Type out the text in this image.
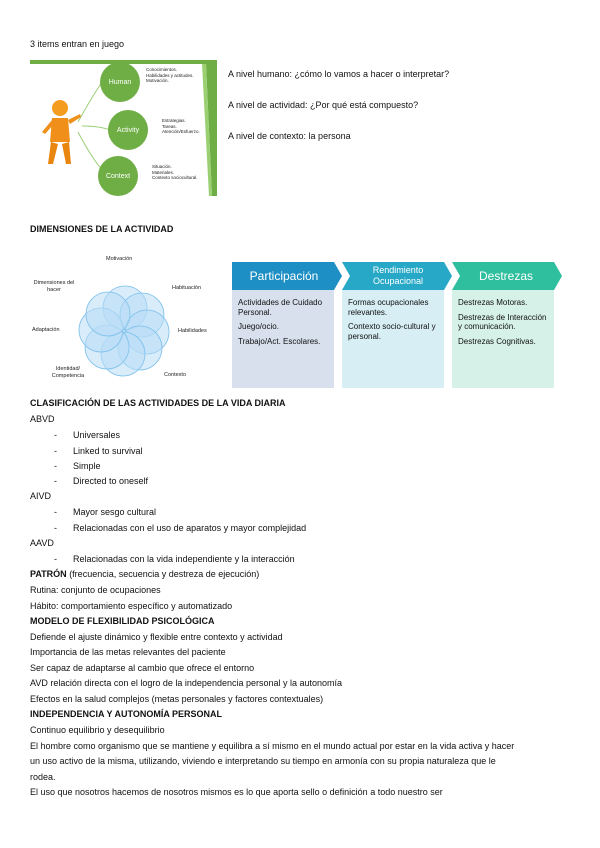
3 items entran en juego
Human
Activity
Context
Conocimientos.
Habilidades y actitudes.
Motivación.
Estrategias.
Tareas.
Atención/Esfuerzo.
Situación.
Materiales.
Contexto sociocultural.
A nivel humano: ¿cómo lo vamos a hacer o interpretar?
A nivel de actividad: ¿Por qué está compuesto?
A nivel de contexto: la persona
DIMENSIONES DE LA ACTIVIDAD
Motivación
Habituación
Habilidades
Contexto
Identidad/ Competencia
Adaptación
Dimensiones del hacer
Participación	Rendimiento Ocupacional	Destrezas

Actividades de Cuidado Personal.

Juego/ocio.

Trabajo/Act. Escolares.

Formas ocupacionales relevantes.

Contexto socio-cultural y personal.

Destrezas Motoras.

Destrezas de Interacción y comunicación.

Destrezas Cognitivas.

CLASIFICACIÓN DE LAS ACTIVIDADES DE LA VIDA DIARIA
ABVD
- Universales
- Linked to survival
- Simple
- Directed to oneself
AIVD
- Mayor sesgo cultural
- Relacionadas con el uso de aparatos y mayor complejidad
AAVD
- Relacionadas con la vida independiente y la interacción
PATRÓN (frecuencia, secuencia y destreza de ejecución)
Rutina: conjunto de ocupaciones
Hábito: comportamiento específico y automatizado
MODELO DE FLEXIBILIDAD PSICOLÓGICA
Defiende el ajuste dinámico y flexible entre contexto y actividad
Importancia de las metas relevantes del paciente
Ser capaz de adaptarse al cambio que ofrece el entorno
AVD relación directa con el logro de la independencia personal y la autonomía
Efectos en la salud complejos (metas personales y factores contextuales)
INDEPENDENCIA Y AUTONOMÍA PERSONAL
Continuo equilibrio y desequilibrio
El hombre como organismo que se mantiene y equilibra a sí mismo en el mundo actual por estar en la vida activa y hacer
un uso activo de la misma, utilizando, viviendo e interpretando su tiempo en armonía con su propia naturaleza que le
rodea.
El uso que nosotros hacemos de nosotros mismos es lo que aporta sello o definición a todo nuestro ser
